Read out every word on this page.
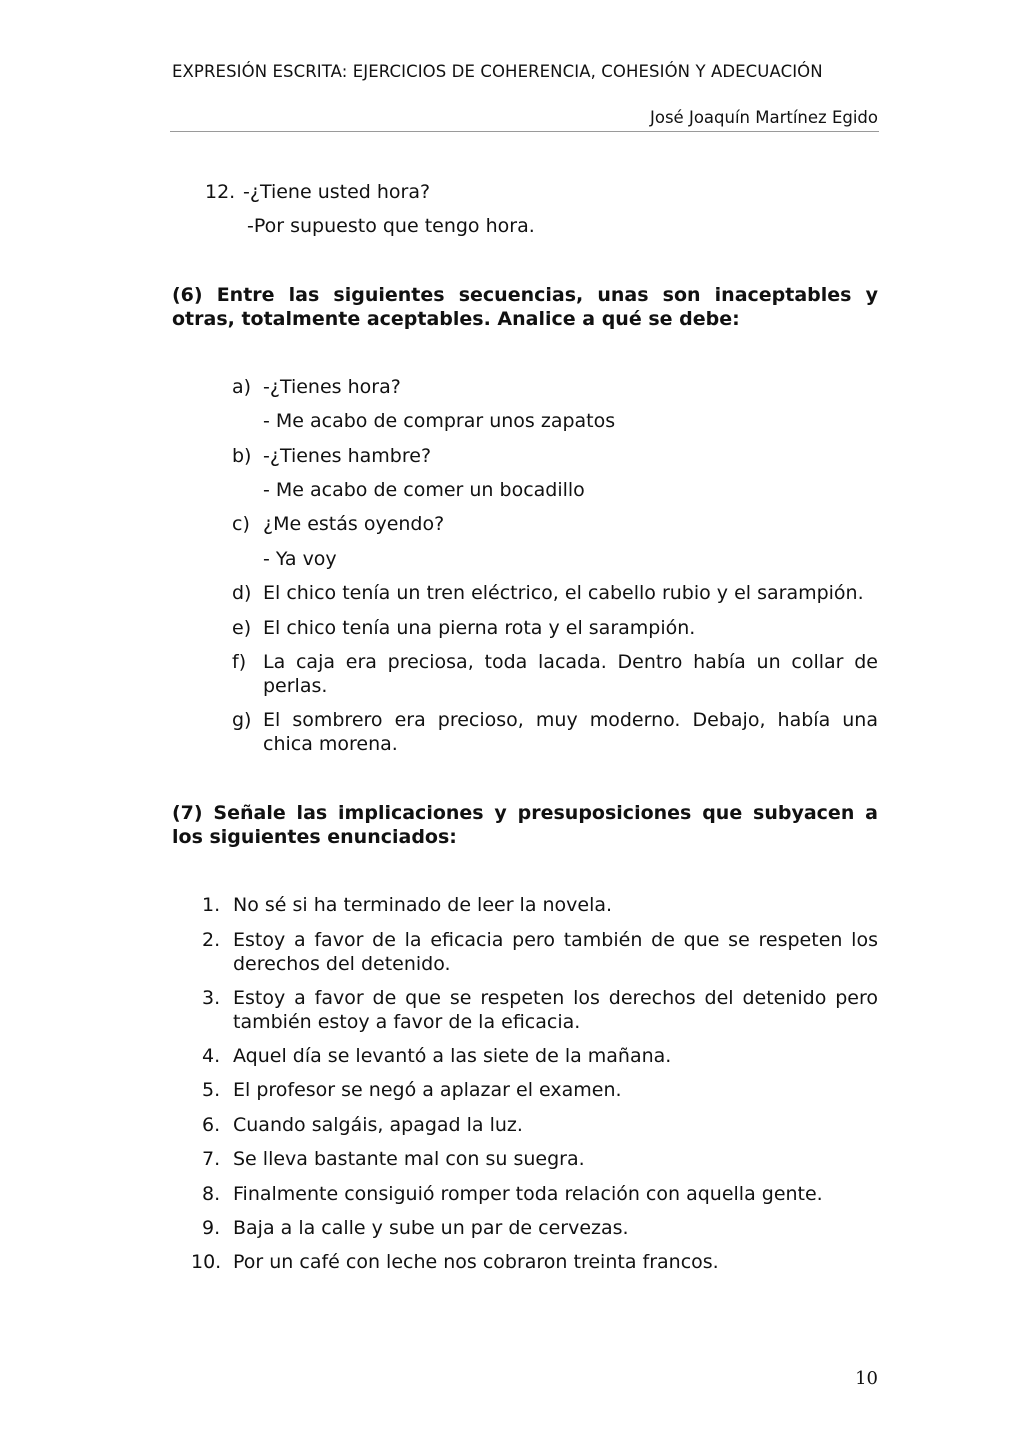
EXPRESIÓN ESCRITA: EJERCICIOS DE COHERENCIA, COHESIÓN Y ADECUACIÓN
José Joaquín Martínez Egido
12. -¿Tiene usted hora?
-Por supuesto que tengo hora.
(6) Entre las siguientes secuencias, unas son inaceptables y otras, totalmente aceptables. Analice a qué se debe:
a) -¿Tienes hora?
- Me acabo de comprar unos zapatos
b) -¿Tienes hambre?
- Me acabo de comer un bocadillo
c) ¿Me estás oyendo?
- Ya voy
d) El chico tenía un tren eléctrico, el cabello rubio y el sarampión.
e) El chico tenía una pierna rota y el sarampión.
f) La caja era preciosa, toda lacada. Dentro había un collar de perlas.
g) El sombrero era precioso, muy moderno. Debajo, había una chica morena.
(7) Señale las implicaciones y presuposiciones que subyacen a los siguientes enunciados:
1. No sé si ha terminado de leer la novela.
2. Estoy a favor de la eficacia pero también de que se respeten los derechos del detenido.
3. Estoy a favor de que se respeten los derechos del detenido pero también estoy a favor de la eficacia.
4. Aquel día se levantó a las siete de la mañana.
5. El profesor se negó a aplazar el examen.
6. Cuando salgáis, apagad la luz.
7. Se lleva bastante mal con su suegra.
8. Finalmente consiguió romper toda relación con aquella gente.
9. Baja a la calle y sube un par de cervezas.
10. Por un café con leche nos cobraron treinta francos.
10
